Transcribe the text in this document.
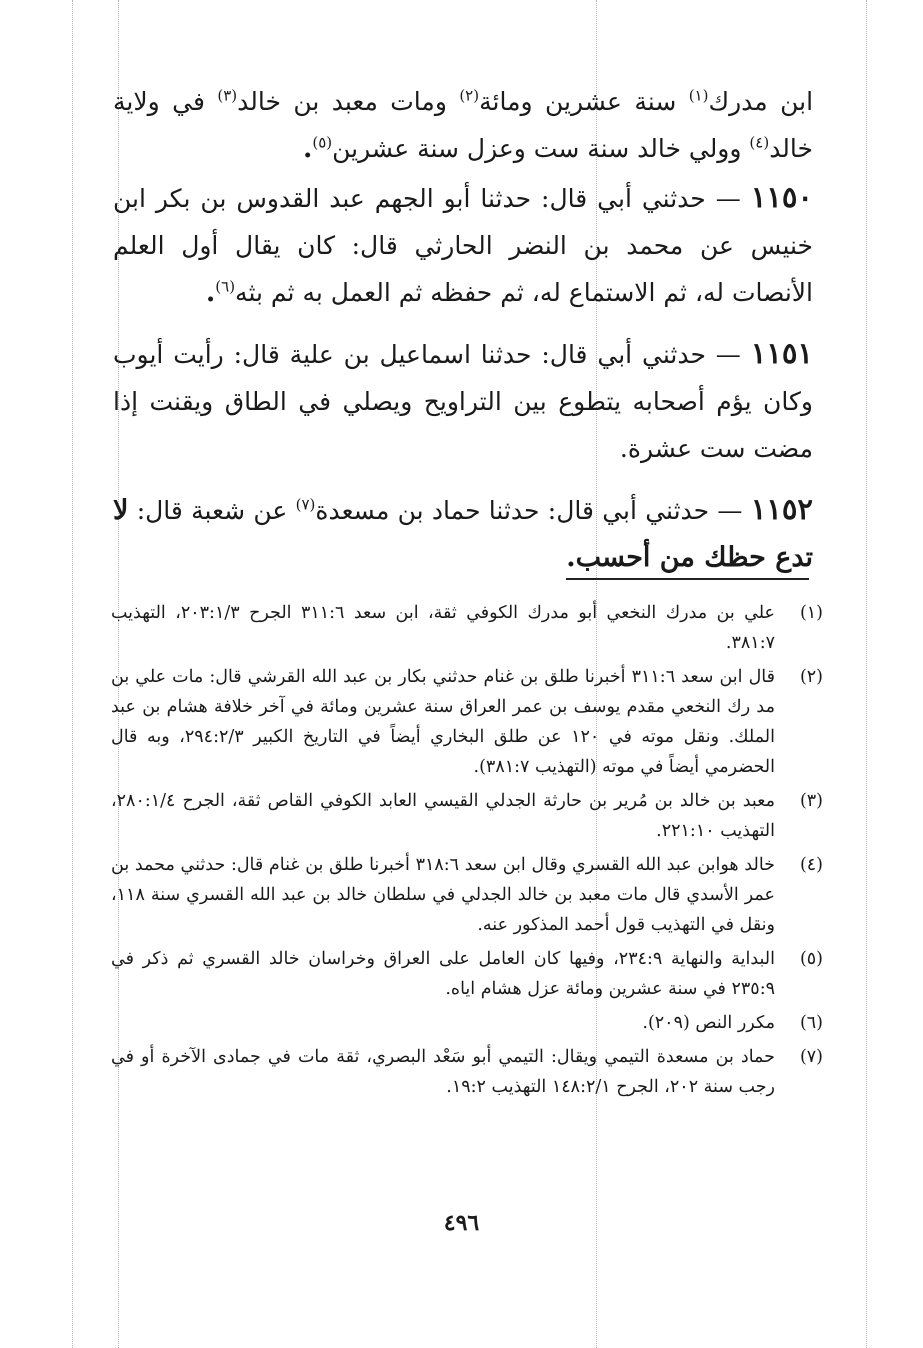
ابن مدرك$^{(١)}$ سنة عشرين ومائة$^{(٢)}$ ومات معبد بن خالد$^{(٣)}$ في ولاية خالد$^{(٤)}$ وولي خالد سنة ست وعزل سنة عشرين$^{(٥)}$.

١١٥٠ — حدثني أبي قال: حدثنا أبو الجهم عبد القدوس بن بكر ابن خنيس عن محمد بن النضر الحارثي قال: كان يقال أول العلم الأنصات له، ثم الاستماع له، ثم حفظه ثم العمل به ثم بثه$^{(٦)}$.

١١٥١ — حدثني أبي قال: حدثنا اسماعيل بن علية قال: رأيت أيوب وكان يؤم أصحابه يتطوع بين التراويح ويصلي في الطاق ويقنت إذا مضت ست عشرة.

١١٥٢ — حدثني أبي قال: حدثنا حماد بن مسعدة$^{(٧)}$ عن شعبة قال: لا تدع حظك من أحسب.

(١)
علي بن مدرك النخعي أبو مدرك الكوفي ثقة، ابن سعد ٣١١:٦ الجرح ٢٠٣:١/٣، التهذيب ٣٨١:٧.
(٢)
قال ابن سعد ٣١١:٦ أخبرنا طلق بن غنام حدثني بكار بن عبد الله القرشي قال: مات علي بن مد رك النخعي مقدم يوسف بن عمر العراق سنة عشرين ومائة في آخر خلافة هشام بن عبد الملك. ونقل موته في ١٢٠ عن طلق البخاري أيضاً في التاريخ الكبير ٢٩٤:٢/٣، وبه قال الحضرمي أيضاً في موته (التهذيب ٣٨١:٧).
(٣)
معبد بن خالد بن مُرير بن حارثة الجدلي القيسي العابد الكوفي القاص ثقة، الجرح ٢٨٠:١/٤، التهذيب ٢٢١:١٠.
(٤)
خالد هوابن عبد الله القسري وقال ابن سعد ٣١٨:٦ أخبرنا طلق بن غنام قال: حدثني محمد بن عمر الأسدي قال مات معبد بن خالد الجدلي في سلطان خالد بن عبد الله القسري سنة ١١٨، ونقل في التهذيب قول أحمد المذكور عنه.
(٥)
البداية والنهاية ٢٣٤:٩، وفيها كان العامل على العراق وخراسان خالد القسري ثم ذكر في ٢٣٥:٩ في سنة عشرين ومائة عزل هشام اياه.
(٦)
مكرر النص (٢٠٩).
(٧)
حماد بن مسعدة التيمي ويقال: التيمي أبو سَعْد البصري، ثقة مات في جمادى الآخرة أو في رجب سنة ٢٠٢، الجرح ١٤٨:٢/١ التهذيب ١٩:٢.
٤٩٦
